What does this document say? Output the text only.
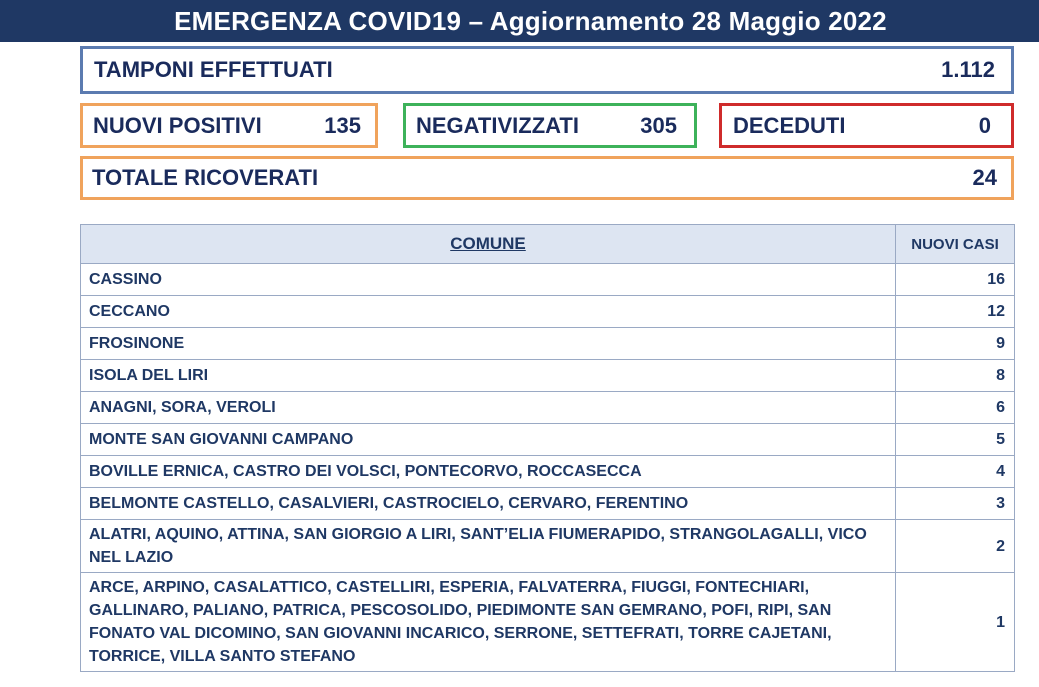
EMERGENZA COVID19 – Aggiornamento 28 Maggio 2022
TAMPONI EFFETTUATI	1.112
NUOVI POSITIVI	135	NEGATIVIZZATI	305	DECEDUTI	0
TOTALE RICOVERATI	24
COMUNE	NUOVI CASI
CASSINO	16
CECCANO	12
FROSINONE	9
ISOLA DEL LIRI	8
ANAGNI, SORA, VEROLI	6
MONTE SAN GIOVANNI CAMPANO	5
BOVILLE ERNICA, CASTRO DEI VOLSCI, PONTECORVO, ROCCASECCA	4
BELMONTE CASTELLO, CASALVIERI, CASTROCIELO, CERVARO, FERENTINO	3
ALATRI, AQUINO, ATTINA, SAN GIORGIO A LIRI, SANT’ELIA FIUMERAPIDO, STRANGOLAGALLI, VICO NEL LAZIO	2
ARCE, ARPINO, CASALATTICO, CASTELLIRI, ESPERIA, FALVATERRA, FIUGGI, FONTECHIARI, GALLINARO, PALIANO, PATRICA, PESCOSOLIDO, PIEDIMONTE SAN GEMRANO, POFI, RIPI, SAN FONATO VAL DICOMINO, SAN GIOVANNI INCARICO, SERRONE, SETTEFRATI, TORRE CAJETANI, TORRICE, VILLA SANTO STEFANO	1
